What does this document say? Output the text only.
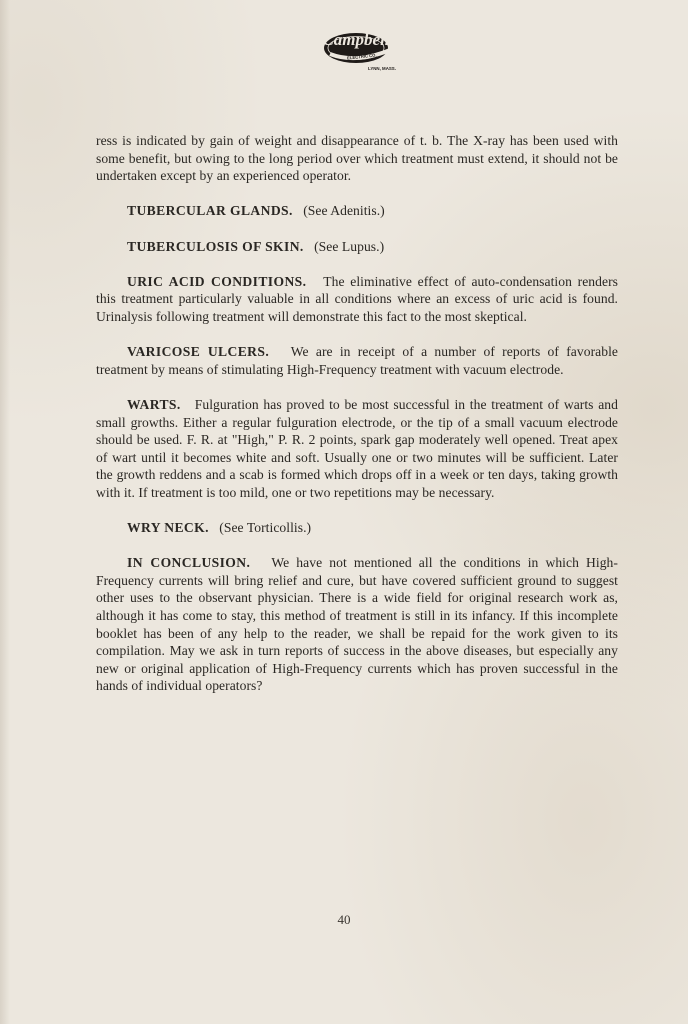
Campbell
ELECTRIC CO.
LYNN, MASS.

ress is indicated by gain of weight and disappearance of t. b. The X-ray has been used with some benefit, but owing to the long period over which treatment must extend, it should not be undertaken except by an experienced operator.

TUBERCULAR GLANDS. (See Adenitis.)

TUBERCULOSIS OF SKIN. (See Lupus.)

URIC ACID CONDITIONS. The eliminative effect of auto-condensation renders this treatment particularly valuable in all conditions where an excess of uric acid is found. Urinalysis following treatment will demonstrate this fact to the most skeptical.

VARICOSE ULCERS. We are in receipt of a number of reports of favorable treatment by means of stimulating High-Frequency treatment with vacuum electrode.

WARTS. Fulguration has proved to be most successful in the treatment of warts and small growths. Either a regular fulguration electrode, or the tip of a small vacuum electrode should be used. F. R. at "High," P. R. 2 points, spark gap moderately well opened. Treat apex of wart until it becomes white and soft. Usually one or two minutes will be sufficient. Later the growth reddens and a scab is formed which drops off in a week or ten days, taking growth with it. If treatment is too mild, one or two repetitions may be necessary.

WRY NECK. (See Torticollis.)

IN CONCLUSION. We have not mentioned all the conditions in which High-Frequency currents will bring relief and cure, but have covered sufficient ground to suggest other uses to the observant physician. There is a wide field for original research work as, although it has come to stay, this method of treatment is still in its infancy. If this incomplete booklet has been of any help to the reader, we shall be repaid for the work given to its compilation. May we ask in turn reports of success in the above diseases, but especially any new or original application of High-Frequency currents which has proven successful in the hands of individual operators?

40
